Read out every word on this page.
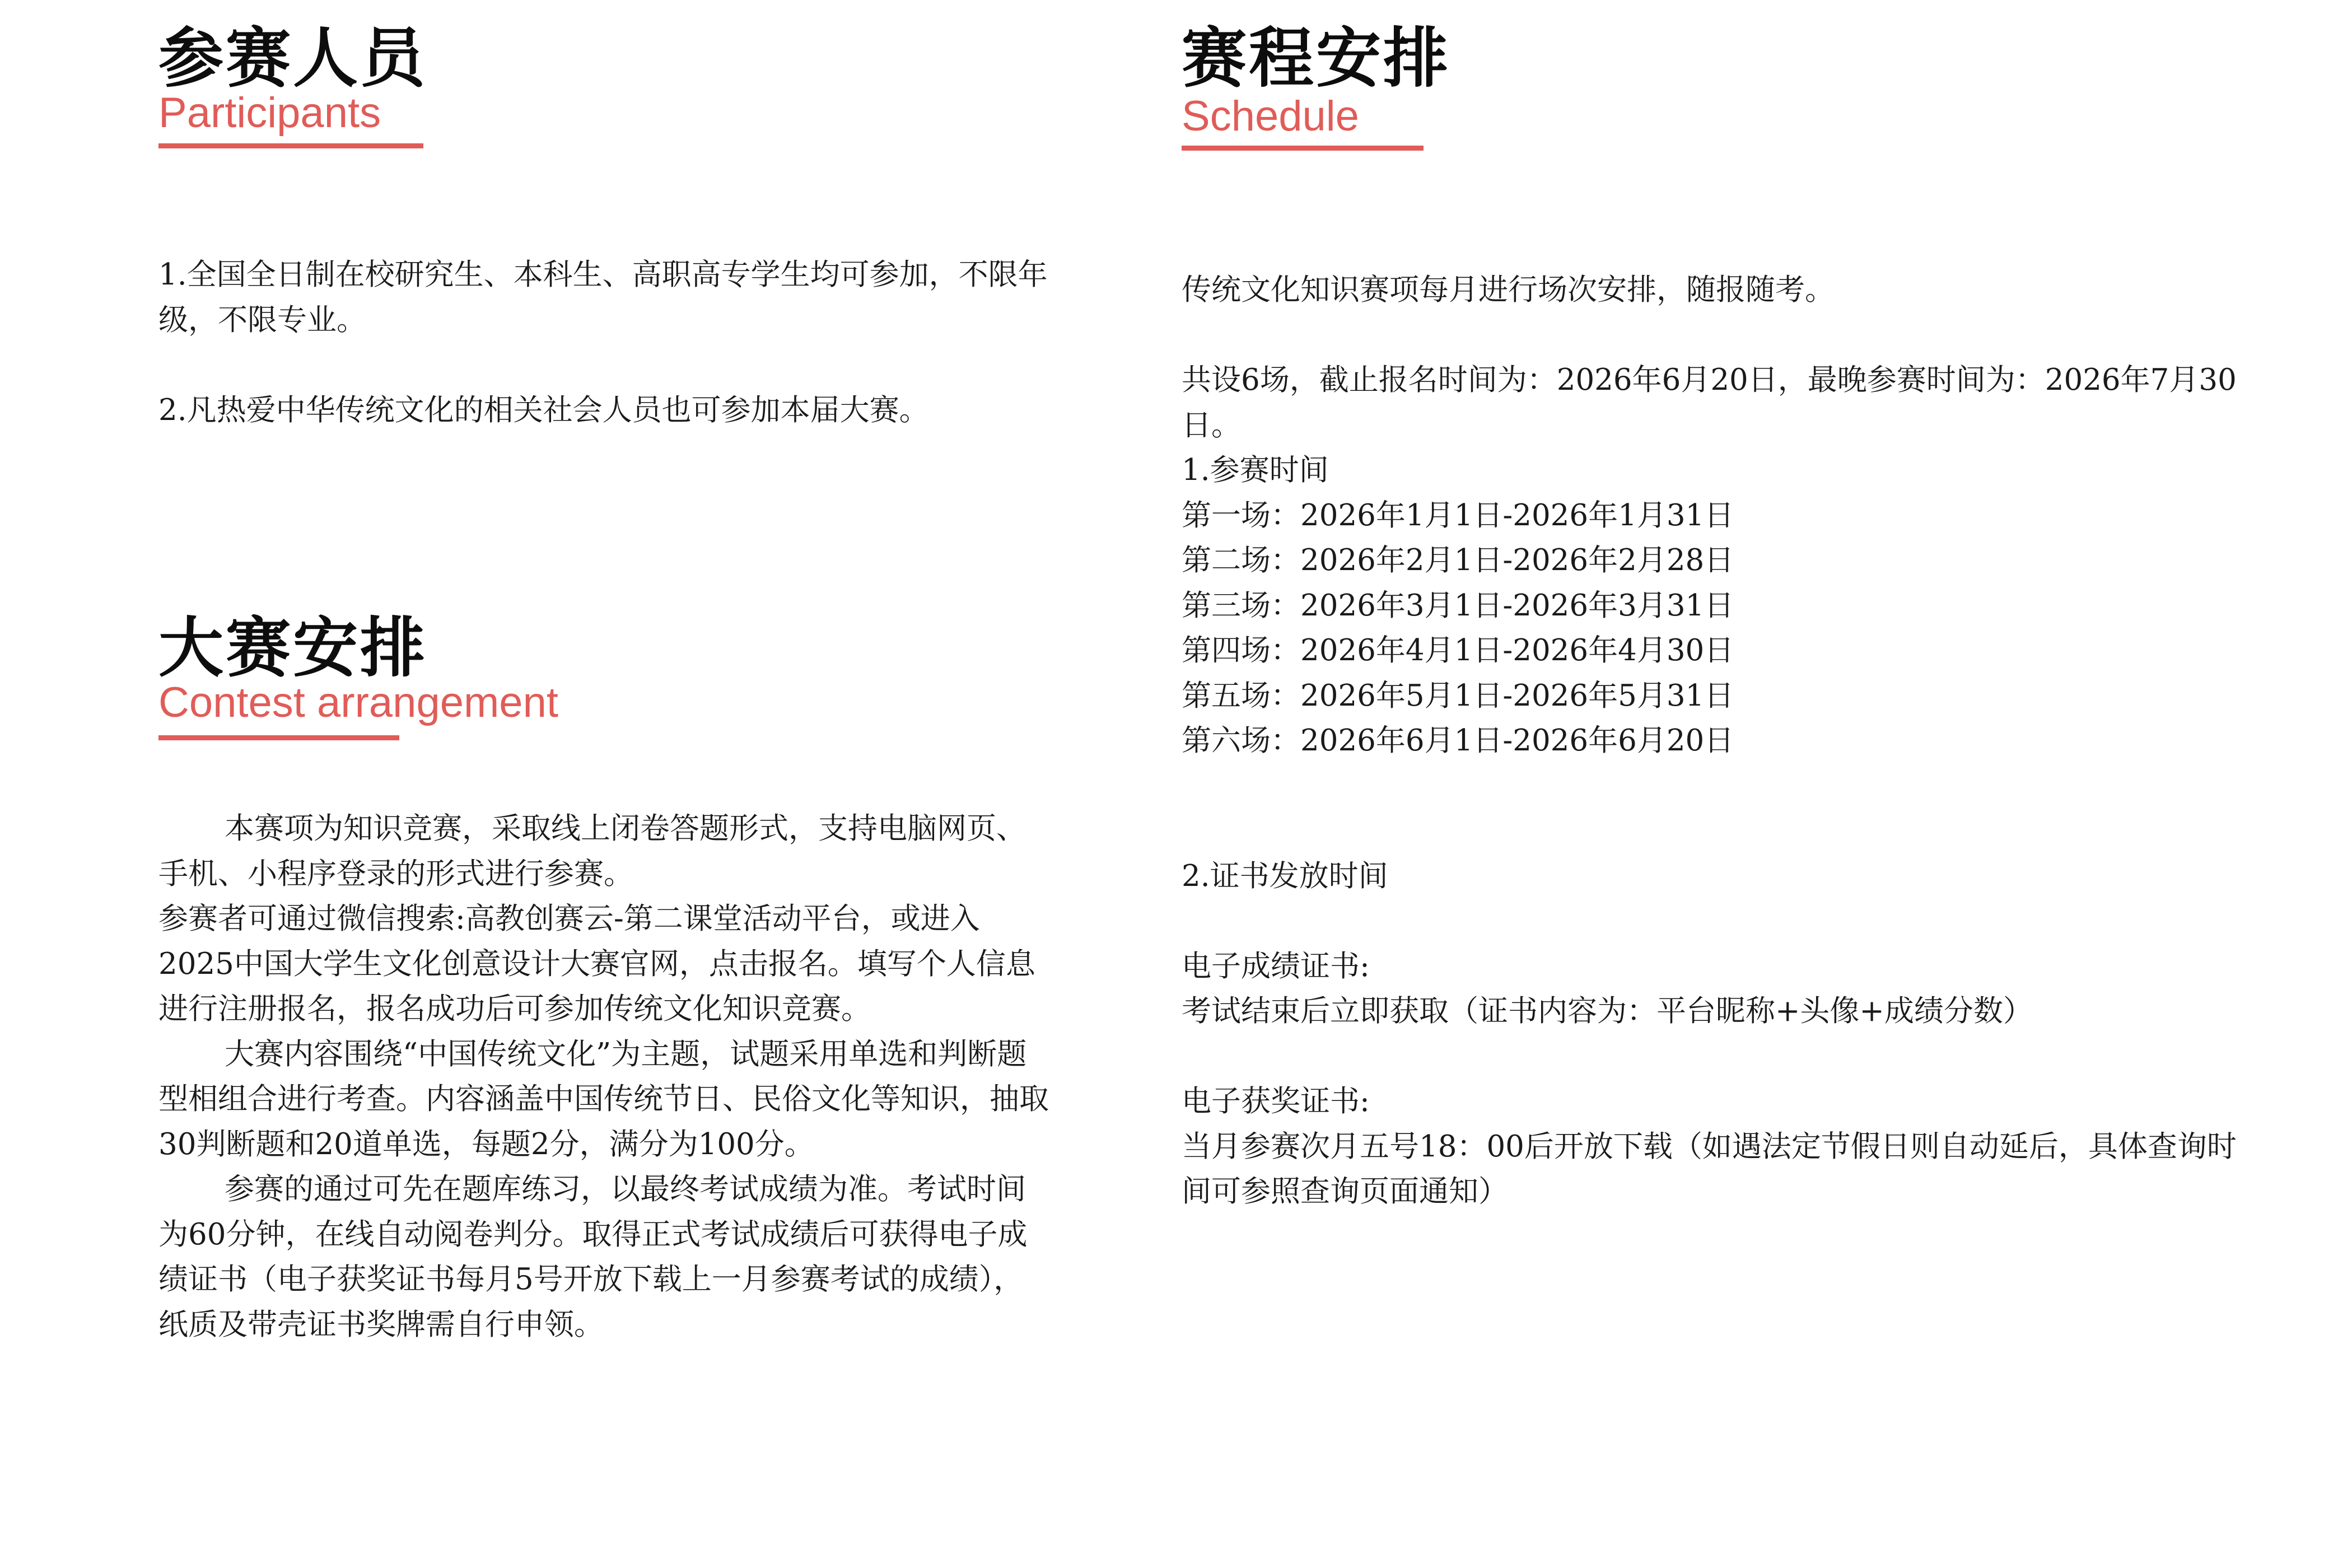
参赛人员
Participants

1.全国全日制在校研究生、本科生、高职高专学生均可参加，不限年级，不限专业。

2.凡热爱中华传统文化的相关社会人员也可参加本届大赛。

大赛安排
Contest arrangement

本赛项为知识竞赛，采取线上闭卷答题形式，支持电脑网页、手机、小程序登录的形式进行参赛。

参赛者可通过微信搜索:高教创赛云-第二课堂活动平台，或进入2025中国大学生文化创意设计大赛官网，点击报名。填写个人信息进行注册报名，报名成功后可参加传统文化知识竞赛。

大赛内容围绕“中国传统文化”为主题，试题采用单选和判断题型相组合进行考查。内容涵盖中国传统节日、民俗文化等知识，抽取30判断题和20道单选，每题2分，满分为100分。

参赛的通过可先在题库练习，以最终考试成绩为准。考试时间为60分钟，在线自动阅卷判分。取得正式考试成绩后可获得电子成绩证书（电子获奖证书每月5号开放下载上一月参赛考试的成绩），纸质及带壳证书奖牌需自行申领。

赛程安排
Schedule

传统文化知识赛项每月进行场次安排，随报随考。

共设6场，截止报名时间为：2026年6月20日，最晚参赛时间为：2026年7月30日。

1.参赛时间

第一场：2026年1月1日-2026年1月31日

第二场：2026年2月1日-2026年2月28日

第三场：2026年3月1日-2026年3月31日

第四场：2026年4月1日-2026年4月30日

第五场：2026年5月1日-2026年5月31日

第六场：2026年6月1日-2026年6月20日

2.证书发放时间

电子成绩证书:

考试结束后立即获取（证书内容为：平台昵称+头像+成绩分数）

电子获奖证书:

当月参赛次月五号18：00后开放下载（如遇法定节假日则自动延后，具体查询时间可参照查询页面通知）
